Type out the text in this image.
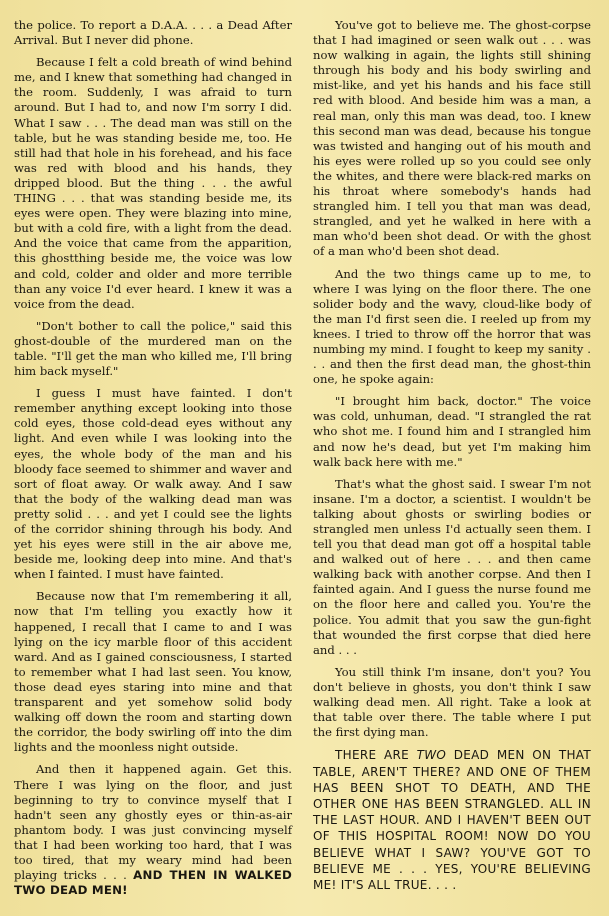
the police. To report a D.A.A. . . . a Dead After Arrival. But I never did phone.

Because I felt a cold breath of wind behind me, and I knew that something had changed in the room. Suddenly, I was afraid to turn around. But I had to, and now I'm sorry I did. What I saw . . . The dead man was still on the table, but he was standing beside me, too. He still had that hole in his forehead, and his face was red with blood and his hands, they dripped blood. But the thing . . . the awful THING . . . that was standing beside me, its eyes were open. They were blazing into mine, but with a cold fire, with a light from the dead. And the voice that came from the apparition, this ghostthing beside me, the voice was low and cold, colder and older and more terrible than any voice I'd ever heard. I knew it was a voice from the dead.

"Don't bother to call the police," said this ghost-double of the murdered man on the table. "I'll get the man who killed me, I'll bring him back myself."

I guess I must have fainted. I don't remember anything except looking into those cold eyes, those cold-dead eyes without any light. And even while I was looking into the eyes, the whole body of the man and his bloody face seemed to shimmer and waver and sort of float away. Or walk away. And I saw that the body of the walking dead man was pretty solid . . . and yet I could see the lights of the corridor shining through his body. And yet his eyes were still in the air above me, beside me, looking deep into mine. And that's when I fainted. I must have fainted.

Because now that I'm remembering it all, now that I'm telling you exactly how it happened, I recall that I came to and I was lying on the icy marble floor of this accident ward. And as I gained consciousness, I started to remember what I had last seen. You know, those dead eyes staring into mine and that transparent and yet somehow solid body walking off down the room and starting down the corridor, the body swirling off into the dim lights and the moonless night outside.

And then it happened again. Get this. There I was lying on the floor, and just beginning to try to convince myself that I hadn't seen any ghostly eyes or thin-as-air phantom body. I was just convincing myself that I had been working too hard, that I was too tired, that my weary mind had been playing tricks . . . AND THEN IN WALKED TWO DEAD MEN!

You've got to believe me. The ghost-corpse that I had imagined or seen walk out . . . was now walking in again, the lights still shining through his body and his body swirling and mist-like, and yet his hands and his face still red with blood. And beside him was a man, a real man, only this man was dead, too. I knew this second man was dead, because his tongue was twisted and hanging out of his mouth and his eyes were rolled up so you could see only the whites, and there were black-red marks on his throat where somebody's hands had strangled him. I tell you that man was dead, strangled, and yet he walked in here with a man who'd been shot dead. Or with the ghost of a man who'd been shot dead.

And the two things came up to me, to where I was lying on the floor there. The one solider body and the wavy, cloud-like body of the man I'd first seen die. I reeled up from my knees. I tried to throw off the horror that was numbing my mind. I fought to keep my sanity . . . and then the first dead man, the ghost-thin one, he spoke again:

"I brought him back, doctor." The voice was cold, unhuman, dead. "I strangled the rat who shot me. I found him and I strangled him and now he's dead, but yet I'm making him walk back here with me."

That's what the ghost said. I swear I'm not insane. I'm a doctor, a scientist. I wouldn't be talking about ghosts or swirling bodies or strangled men unless I'd actually seen them. I tell you that dead man got off a hospital table and walked out of here . . . and then came walking back with another corpse. And then I fainted again. And I guess the nurse found me on the floor here and called you. You're the police. You admit that you saw the gun-fight that wounded the first corpse that died here and . . .

You still think I'm insane, don't you? You don't believe in ghosts, you don't think I saw walking dead men. All right. Take a look at that table over there. The table where I put the first dying man.

THERE ARE TWO DEAD MEN ON THAT TABLE, AREN'T THERE? AND ONE OF THEM HAS BEEN SHOT TO DEATH, AND THE OTHER ONE HAS BEEN STRANGLED. ALL IN THE LAST HOUR. AND I HAVEN'T BEEN OUT OF THIS HOSPITAL ROOM! NOW DO YOU BELIEVE WHAT I SAW? YOU'VE GOT TO BELIEVE ME . . . YES, YOU'RE BELIEVING ME! IT'S ALL TRUE. . . .
